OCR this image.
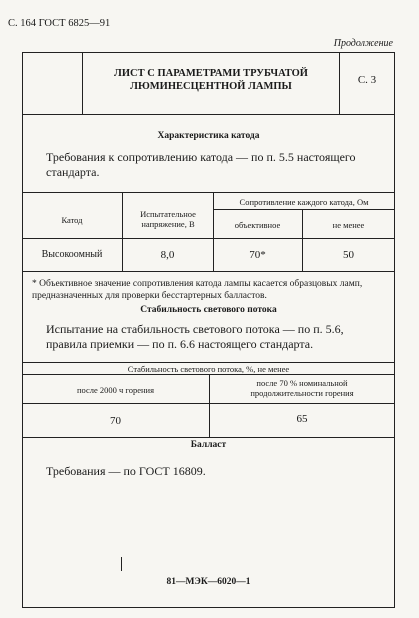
С. 164 ГОСТ 6825—91
Продолжение
ЛИСТ С ПАРАМЕТРАМИ ТРУБЧАТОЙ
ЛЮМИНЕСЦЕНТНОЙ ЛАМПЫ
С. 3
Характеристика катода
Требования к сопротивлению катода — по п. 5.5 настоящего стандарта.
Катод
Испытательное напряжение, В
Сопротивление каждого катода, Ом
объективное	не менее
Высокоомный	8,0	70*	50
* Объективное значение сопротивления катода лампы касается образцовых ламп, предназначенных для проверки бесстартерных балластов.
Стабильность светового потока
Испытание на стабильность светового потока — по п. 5.6, правила приемки — по п. 6.6 настоящего стандарта.
Стабильность светового потока, %, не менее
после 2000 ч горения
после 70 % номинальной продолжительности горения
70	65
Балласт
Требования — по ГОСТ 16809.
81—МЭК—6020—1
